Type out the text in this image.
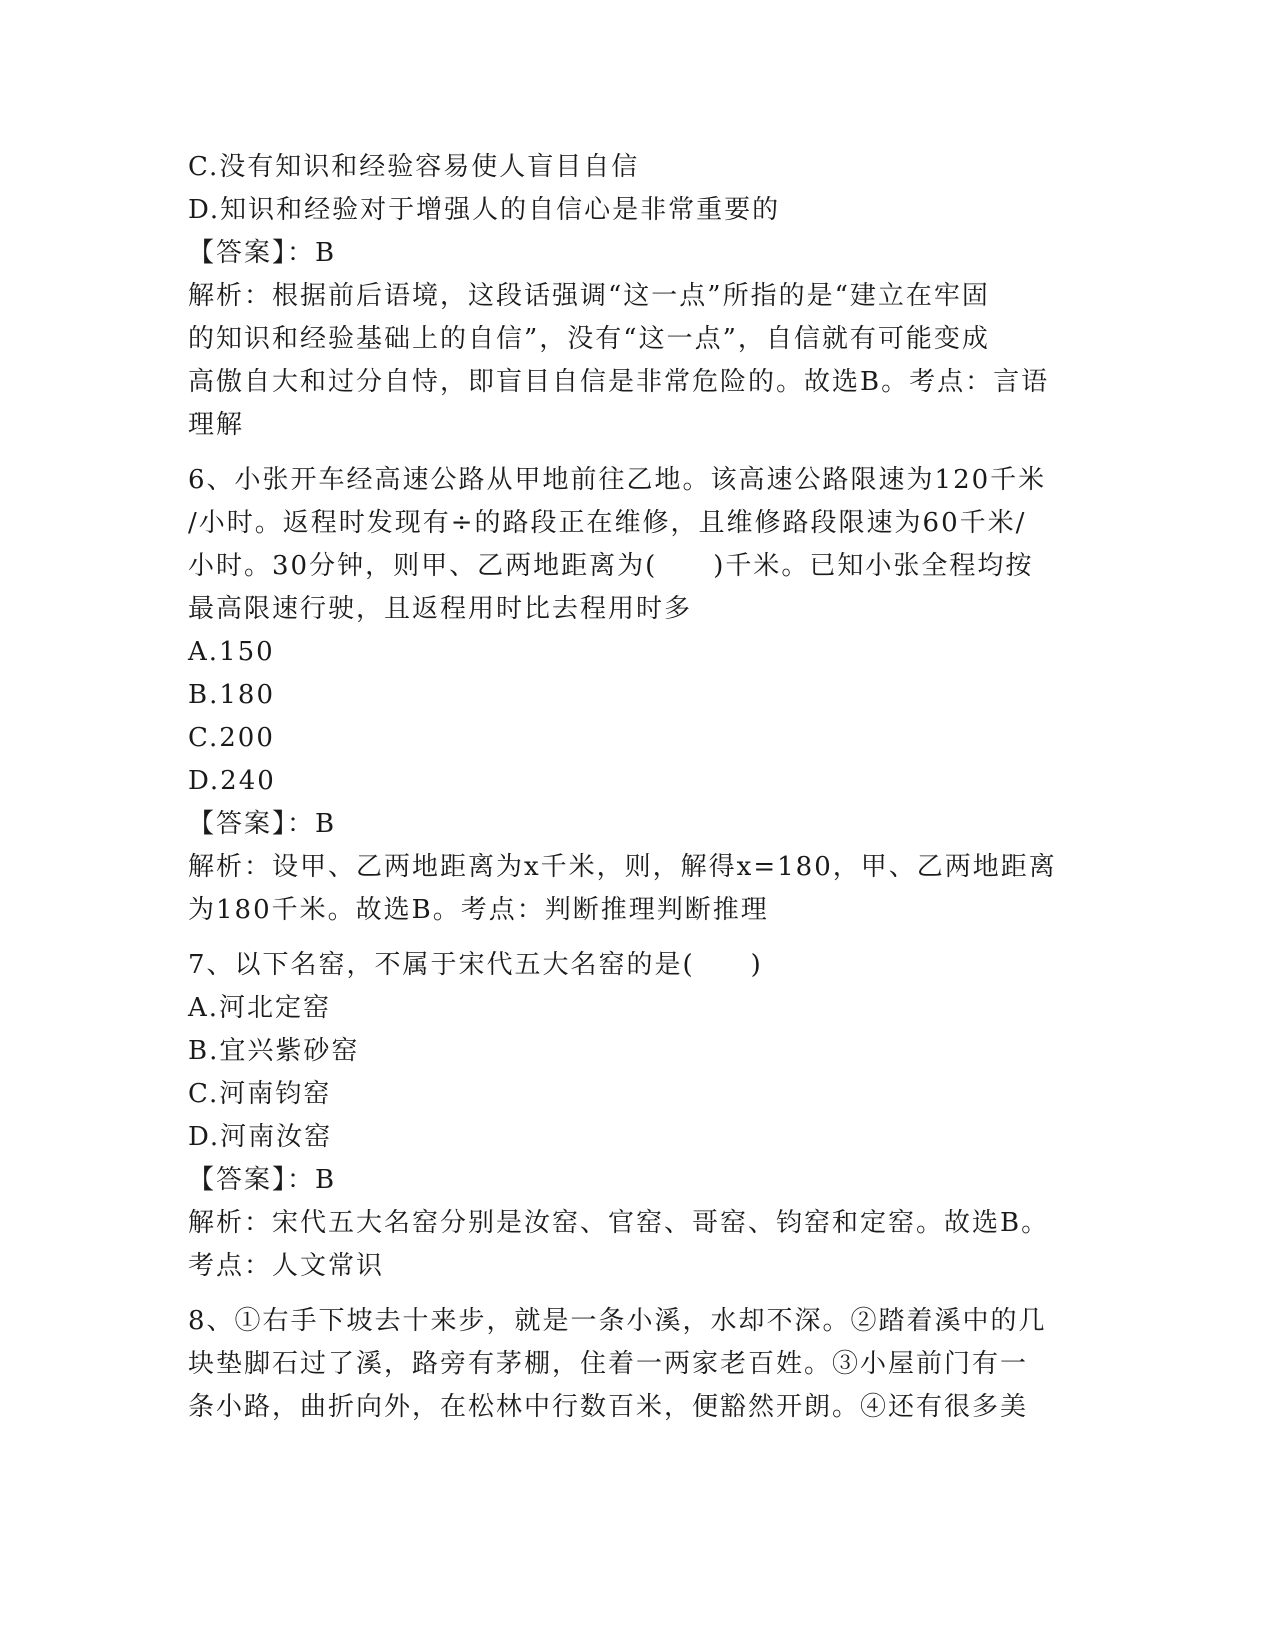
C.没有知识和经验容易使人盲目自信
D.知识和经验对于增强人的自信心是非常重要的
【答案】：B
解析：根据前后语境，这段话强调“这一点”所指的是“建立在牢固
的知识和经验基础上的自信”，没有“这一点”，自信就有可能变成
高傲自大和过分自恃，即盲目自信是非常危险的。故选B。考点：言语
理解
6、小张开车经高速公路从甲地前往乙地。该高速公路限速为120千米
/小时。返程时发现有÷的路段正在维修，且维修路段限速为60千米/
小时。30分钟，则甲、乙两地距离为(　　)千米。已知小张全程均按
最高限速行驶，且返程用时比去程用时多
A.150
B.180
C.200
D.240
【答案】：B
解析：设甲、乙两地距离为x千米，则，解得x=180，甲、乙两地距离
为180千米。故选B。考点：判断推理判断推理
7、以下名窑，不属于宋代五大名窑的是(　　)
A.河北定窑
B.宜兴紫砂窑
C.河南钧窑
D.河南汝窑
【答案】：B
解析：宋代五大名窑分别是汝窑、官窑、哥窑、钧窑和定窑。故选B。
考点：人文常识
8、①右手下坡去十来步，就是一条小溪，水却不深。②踏着溪中的几
块垫脚石过了溪，路旁有茅棚，住着一两家老百姓。③小屋前门有一
条小路，曲折向外，在松林中行数百米，便豁然开朗。④还有很多美
